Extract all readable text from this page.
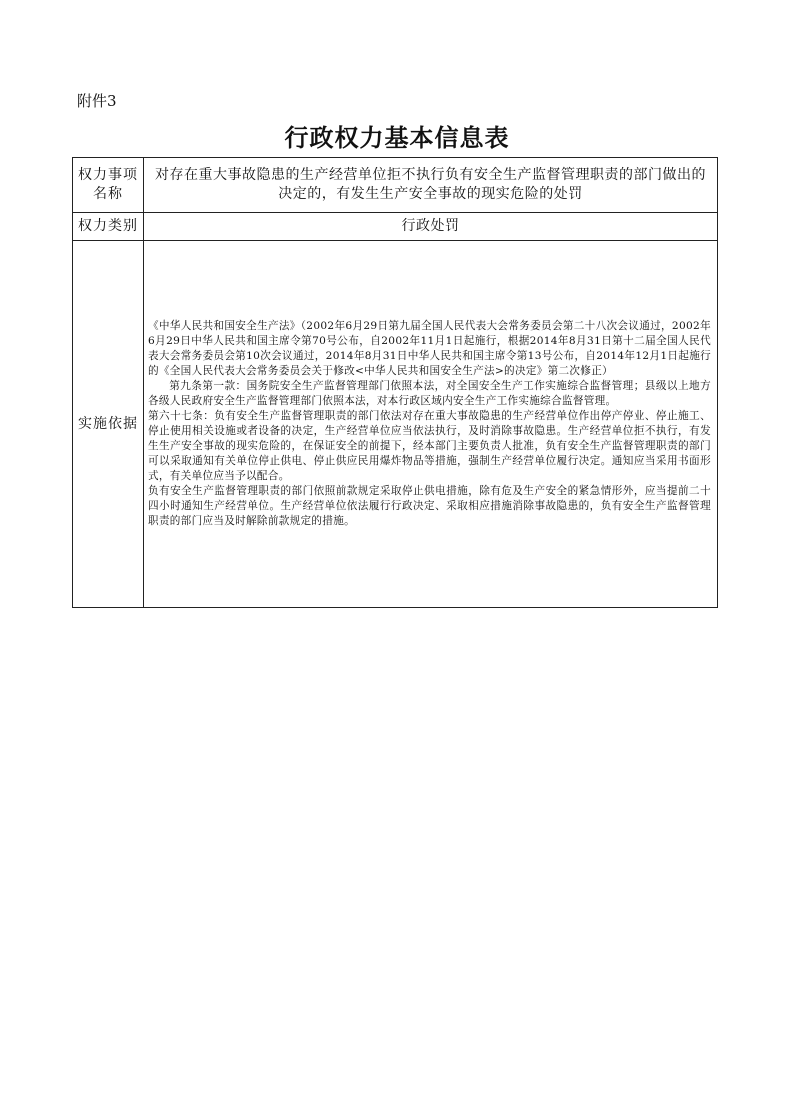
附件3
行政权力基本信息表
权力事项名称	对存在重大事故隐患的生产经营单位拒不执行负有安全生产监督管理职责的部门做出的决定的，有发生生产安全事故的现实危险的处罚
权力类别	行政处罚
实施依据	《中华人民共和国安全生产法》（2002年6月29日第九届全国人民代表大会常务委员会第二十八次会议通过，2002年6月29日中华人民共和国主席令第70号公布，自2002年11月1日起施行，根据2014年8月31日第十二届全国人民代表大会常务委员会第10次会议通过，2014年8月31日中华人民共和国主席令第13号公布，自2014年12月1日起施行的《全国人民代表大会常务委员会关于修改<中华人民共和国安全生产法>的决定》第二次修正）

第九条第一款：国务院安全生产监督管理部门依照本法，对全国安全生产工作实施综合监督管理；县级以上地方各级人民政府安全生产监督管理部门依照本法，对本行政区域内安全生产工作实施综合监督管理。

第六十七条：负有安全生产监督管理职责的部门依法对存在重大事故隐患的生产经营单位作出停产停业、停止施工、停止使用相关设施或者设备的决定，生产经营单位应当依法执行，及时消除事故隐患。生产经营单位拒不执行，有发生生产安全事故的现实危险的，在保证安全的前提下，经本部门主要负责人批准，负有安全生产监督管理职责的部门可以采取通知有关单位停止供电、停止供应民用爆炸物品等措施，强制生产经营单位履行决定。通知应当采用书面形式，有关单位应当予以配合。

负有安全生产监督管理职责的部门依照前款规定采取停止供电措施，除有危及生产安全的紧急情形外，应当提前二十四小时通知生产经营单位。生产经营单位依法履行行政决定、采取相应措施消除事故隐患的，负有安全生产监督管理职责的部门应当及时解除前款规定的措施。
